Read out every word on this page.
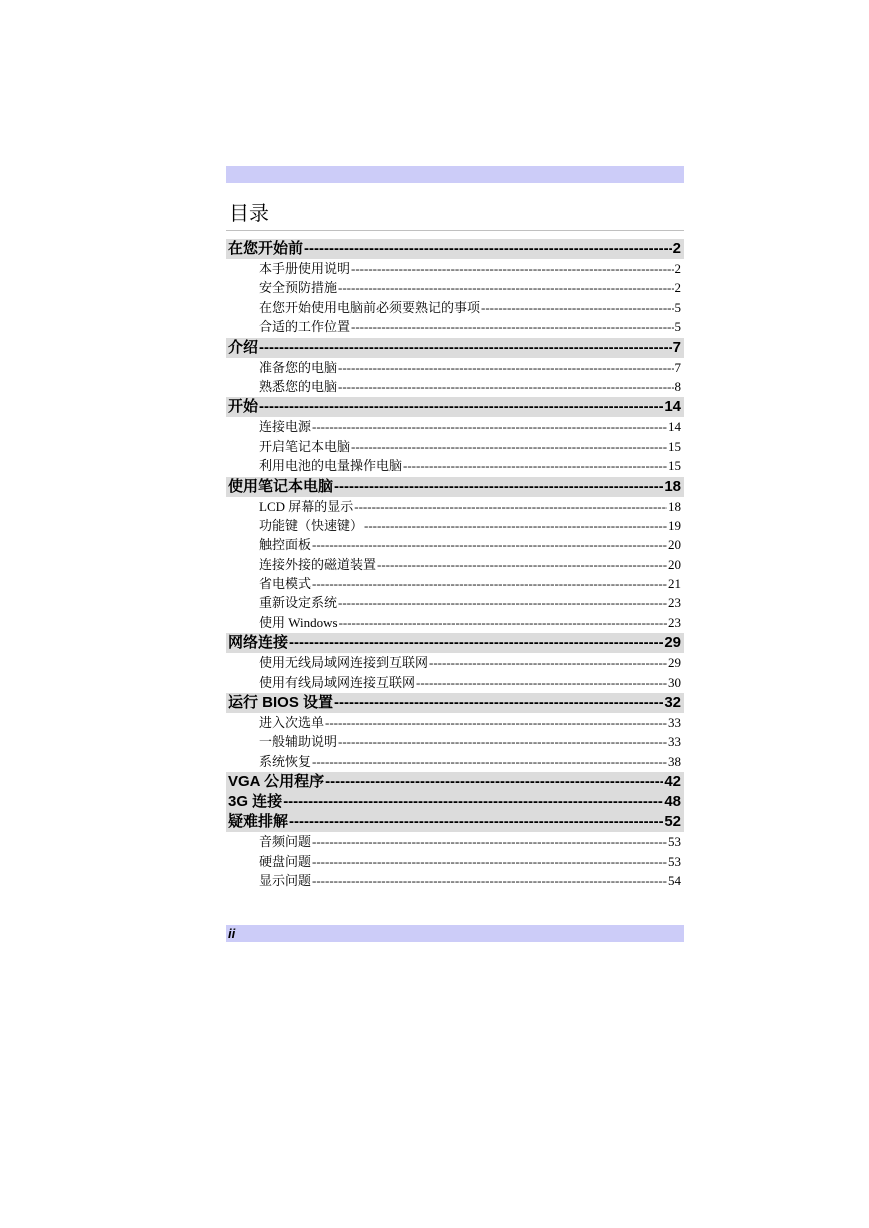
目录
在您开始前 -----	2
本手册使用说明 -----	2
安全预防措施 -----	2
在您开始使用电脑前必须要熟记的事项 -----	5
合适的工作位置 -----	5
介绍 -----	7
准备您的电脑 -----	7
熟悉您的电脑 -----	8
开始 -----	14
连接电源 -----	14
开启笔记本电脑 -----	15
利用电池的电量操作电脑 -----	15
使用笔记本电脑 -----	18
LCD 屏幕的显示 -----	18
功能键（快速键） -----	19
触控面板 -----	20
连接外接的磁道装置 -----	20
省电模式 -----	21
重新设定系统 -----	23
使用 Windows -----	23
网络连接 -----	29
使用无线局域网连接到互联网 -----	29
使用有线局域网连接互联网 -----	30
运行 BIOS 设置 -----	32
进入次选单 -----	33
一般辅助说明 -----	33
系统恢复 -----	38
VGA 公用程序 -----	42
3G 连接 -----	48
疑难排解 -----	52
音频问题 -----	53
硬盘问题 -----	53
显示问题 -----	54
ii
